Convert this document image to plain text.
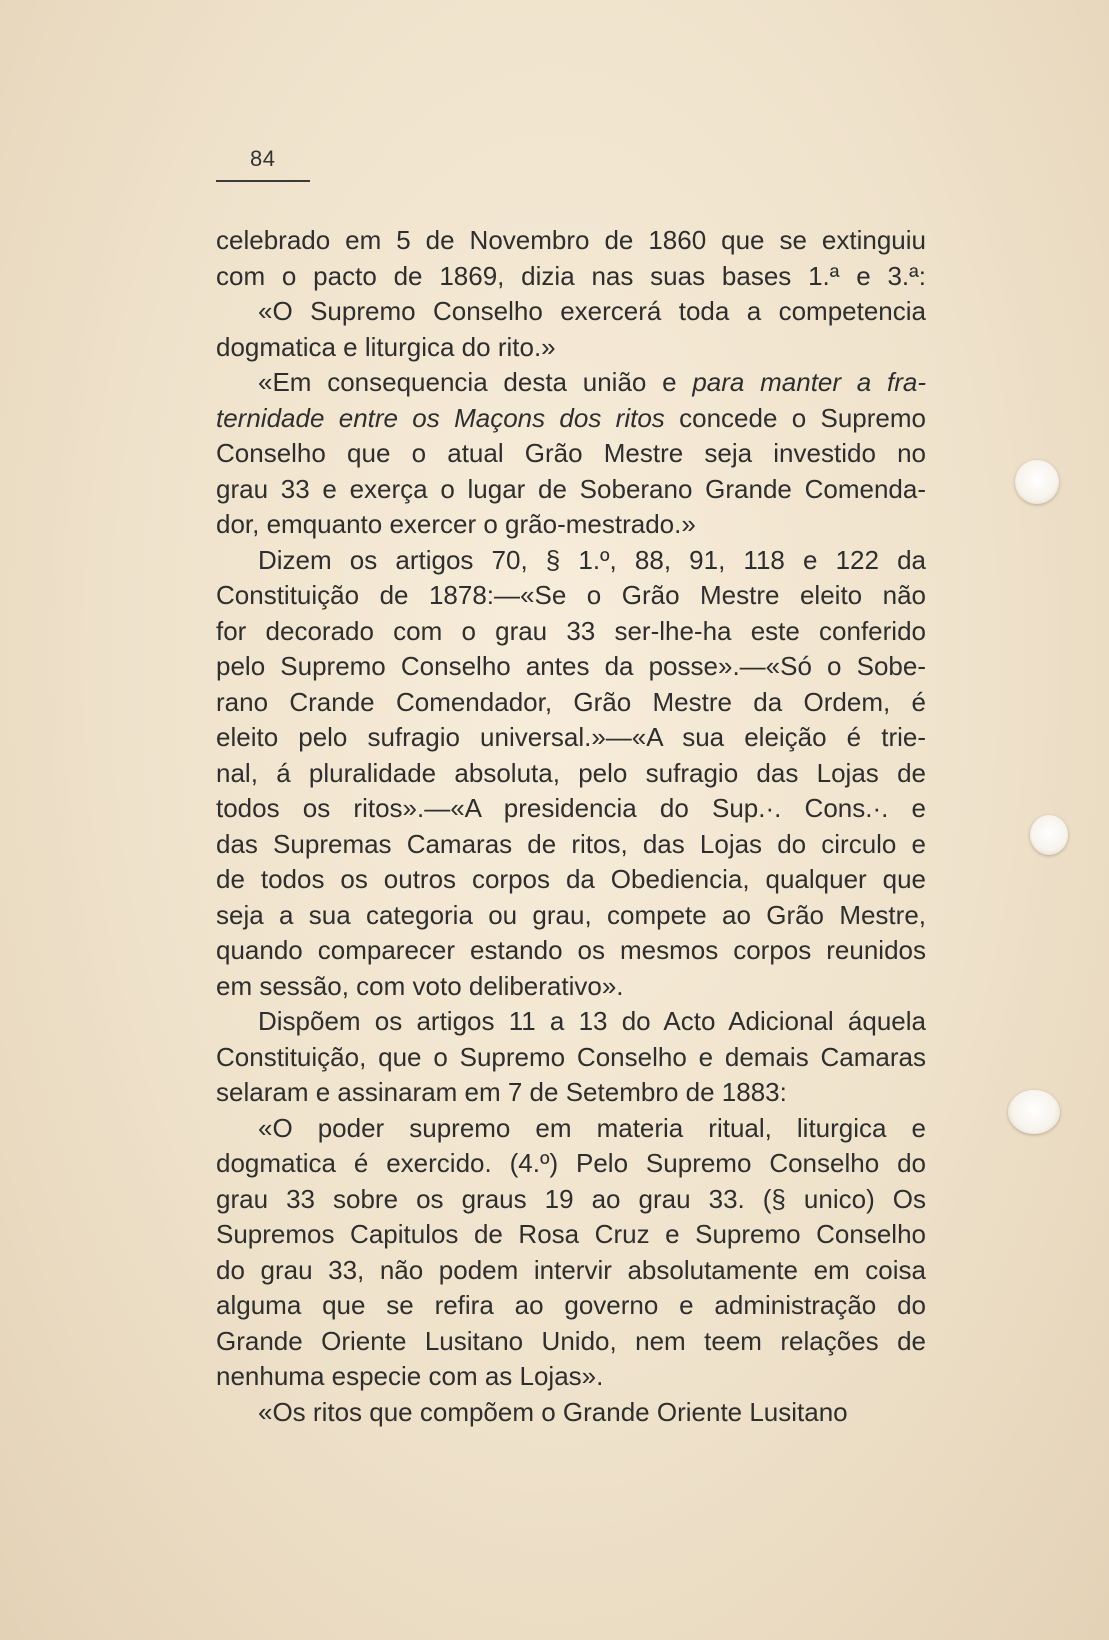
84
celebrado em 5 de Novembro de 1860 que se extinguiu
com o pacto de 1869, dizia nas suas bases 1.ª e 3.ª:
«O Supremo Conselho exercerá toda a competencia
dogmatica e liturgica do rito.»
«Em consequencia desta união e para manter a fra-
ternidade entre os Maçons dos ritos concede o Supremo
Conselho que o atual Grão Mestre seja investido no
grau 33 e exerça o lugar de Soberano Grande Comenda-
dor, emquanto exercer o grão-mestrado.»
Dizem os artigos 70, § 1.º, 88, 91, 118 e 122 da
Constituição de 1878:—«Se o Grão Mestre eleito não
for decorado com o grau 33 ser-lhe-ha este conferido
pelo Supremo Conselho antes da posse».—«Só o Sobe-
rano Crande Comendador, Grão Mestre da Ordem, é
eleito pelo sufragio universal.»—«A sua eleição é trie-
nal, á pluralidade absoluta, pelo sufragio das Lojas de
todos os ritos».—«A presidencia do Sup.·. Cons.·. e
das Supremas Camaras de ritos, das Lojas do circulo e
de todos os outros corpos da Obediencia, qualquer que
seja a sua categoria ou grau, compete ao Grão Mestre,
quando comparecer estando os mesmos corpos reunidos
em sessão, com voto deliberativo».
Dispõem os artigos 11 a 13 do Acto Adicional áquela
Constituição, que o Supremo Conselho e demais Camaras
selaram e assinaram em 7 de Setembro de 1883:
«O poder supremo em materia ritual, liturgica e
dogmatica é exercido. (4.º) Pelo Supremo Conselho do
grau 33 sobre os graus 19 ao grau 33. (§ unico) Os
Supremos Capitulos de Rosa Cruz e Supremo Conselho
do grau 33, não podem intervir absolutamente em coisa
alguma que se refira ao governo e administração do
Grande Oriente Lusitano Unido, nem teem relações de
nenhuma especie com as Lojas».
«Os ritos que compõem o Grande Oriente Lusitano
